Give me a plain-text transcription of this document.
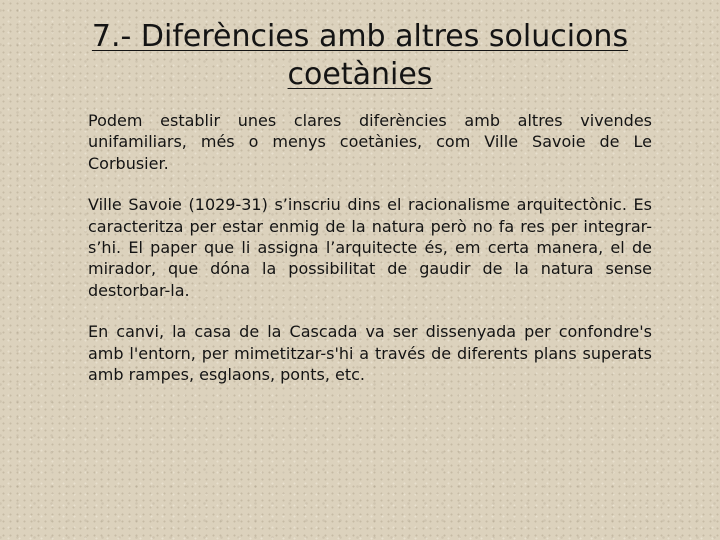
7.- Diferències amb altres solucions
coetànies

Podem establir unes clares diferències amb altres vivendes unifamiliars, més o menys coetànies, com Ville Savoie de Le Corbusier.

Ville Savoie (1029-31) s’inscriu dins el racionalisme arquitectònic. Es caracteritza per estar enmig de la natura però no fa res per integrar-s’hi. El paper que li assigna l’arquitecte és, em certa manera, el de mirador, que dóna la possibilitat de gaudir de la natura sense destorbar-la.

En canvi, la casa de la Cascada va ser dissenyada per confondre's amb l'entorn, per mimetitzar-s'hi a través de diferents plans superats amb rampes, esglaons, ponts, etc.
